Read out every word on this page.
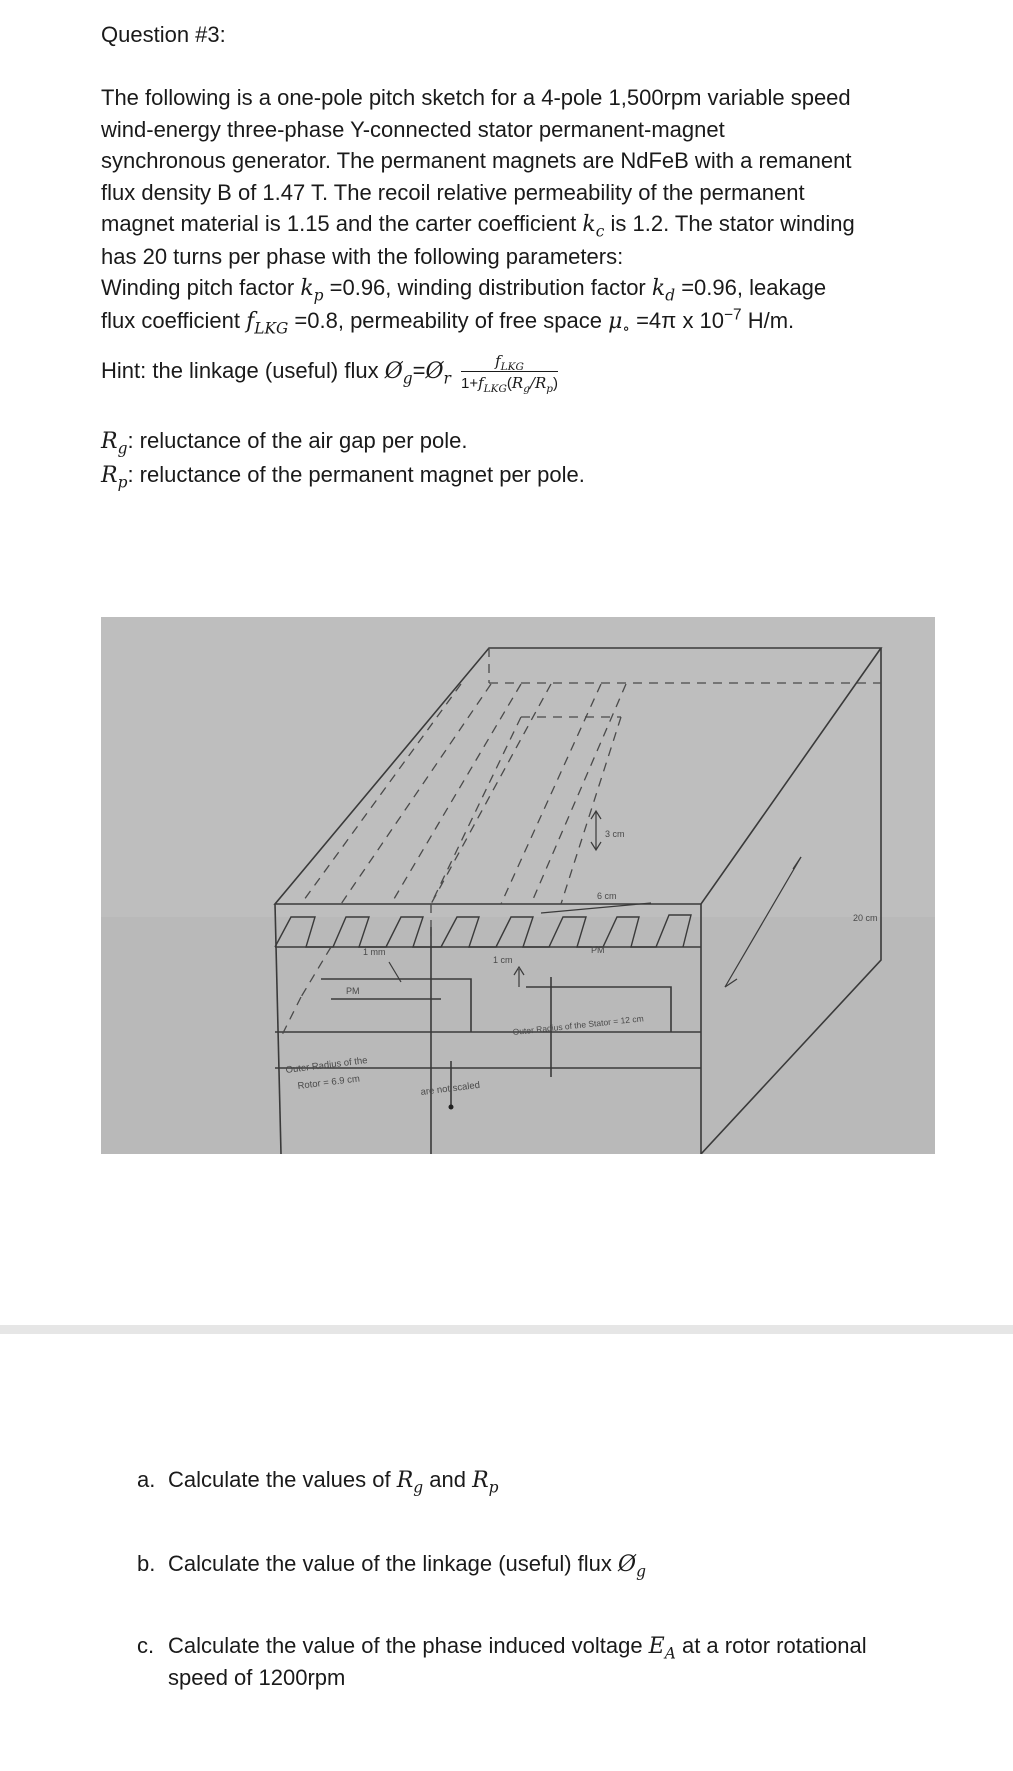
Question #3:
The following is a one-pole pitch sketch for a 4-pole 1,500rpm variable speed
wind-energy three-phase Y-connected stator permanent-magnet
synchronous generator. The permanent magnets are NdFeB with a remanent
flux density B of 1.47 T. The recoil relative permeability of the permanent
magnet material is 1.15 and the carter coefficient $k_c$ is 1.2. The stator winding
has 20 turns per phase with the following parameters:
Winding pitch factor $k_p =0.96$, winding distribution factor $k_d =0.96$, leakage
flux coefficient $f_{LKG} =0.8$, permeability of free space $\mu_\circ =4\pi$ x $10^{-7}$ H/m.
Hint: the linkage (useful) flux $Ø_g=Ø_r \frac{f_{LKG}}{1+f_{LKG}(R_g/R_p)}$
$R_g$: reluctance of the air gap per pole.
$R_p$: reluctance of the permanent magnet per pole.
3 cm
6 cm
20 cm
1 mm
1 cm
PM
PM
Outer Radius of the Stator = 12 cm
Outer Radius of the
Rotor = 6.9 cm	are not scaled
a. Calculate the values of $R_g$ and $R_p$
b. Calculate the value of the linkage (useful) flux $Ø_g$
c. Calculate the value of the phase induced voltage $E_A$ at a rotor rotational
speed of 1200rpm
